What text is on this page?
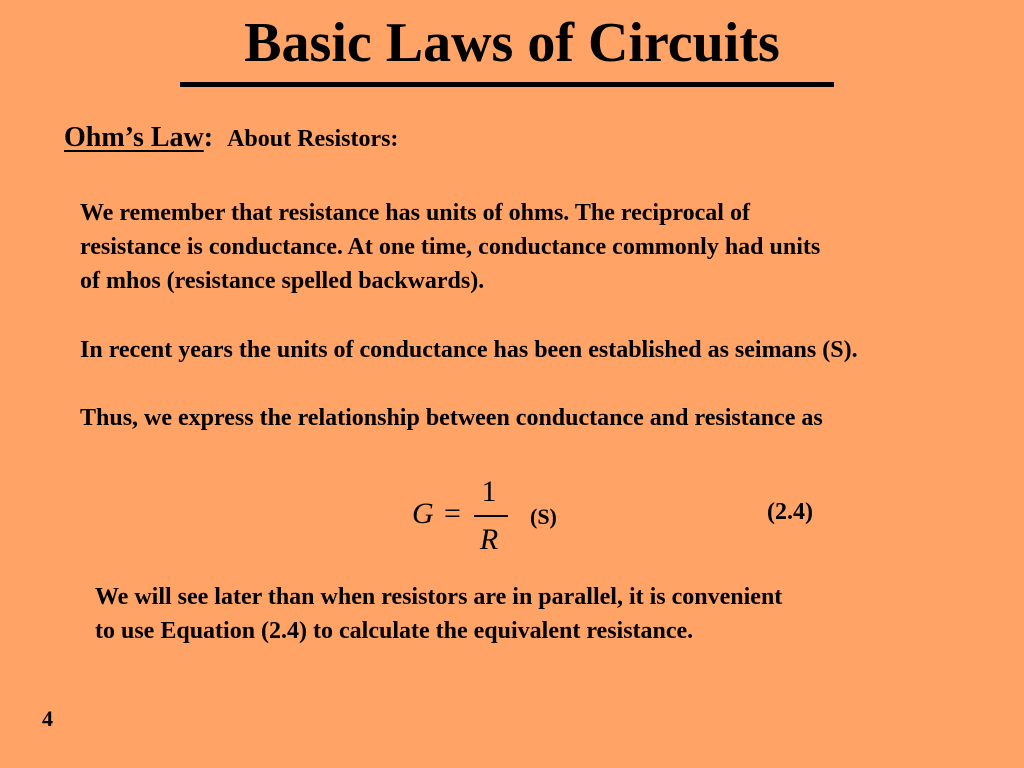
Basic Laws of Circuits
Ohm’s Law: About Resistors:
We remember that resistance has units of ohms. The reciprocal of
resistance is conductance. At one time, conductance commonly had units
of mhos (resistance spelled backwards).
In recent years the units of conductance has been established as seimans (S).
Thus, we express the relationship between conductance and resistance as
G =
1
R
(S)	(2.4)
We will see later than when resistors are in parallel, it is convenient
to use Equation (2.4) to calculate the equivalent resistance.
4
